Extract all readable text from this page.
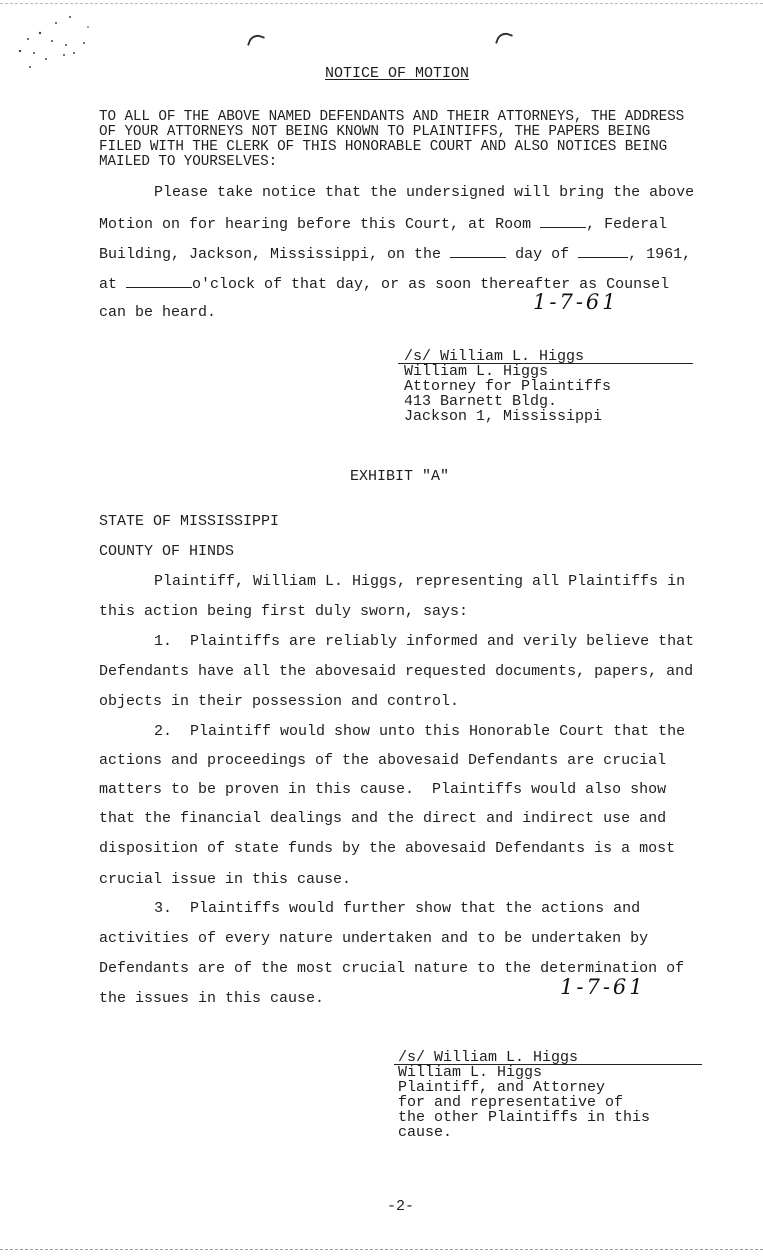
NOTICE OF MOTION
TO ALL OF THE ABOVE NAMED DEFENDANTS AND THEIR ATTORNEYS, THE ADDRESS
OF YOUR ATTORNEYS NOT BEING KNOWN TO PLAINTIFFS, THE PAPERS BEING
FILED WITH THE CLERK OF THIS HONORABLE COURT AND ALSO NOTICES BEING
MAILED TO YOURSELVES:
Please take notice that the undersigned will bring the above
Motion on for hearing before this Court, at Room	, Federal
Building, Jackson, Mississippi, on the	day of	, 1961,
at	o'clock of that day, or as soon thereafter as Counsel
can be heard.	1-7-61
/s/ William L. Higgs
William L. Higgs
Attorney for Plaintiffs
413 Barnett Bldg.
Jackson 1, Mississippi
EXHIBIT "A"
STATE OF MISSISSIPPI
COUNTY OF HINDS
Plaintiff, William L. Higgs, representing all Plaintiffs in
this action being first duly sworn, says:
1.  Plaintiffs are reliably informed and verily believe that
Defendants have all the abovesaid requested documents, papers, and
objects in their possession and control.
2.  Plaintiff would show unto this Honorable Court that the
actions and proceedings of the abovesaid Defendants are crucial
matters to be proven in this cause.  Plaintiffs would also show
that the financial dealings and the direct and indirect use and
disposition of state funds by the abovesaid Defendants is a most
crucial issue in this cause.
3.  Plaintiffs would further show that the actions and
activities of every nature undertaken and to be undertaken by
Defendants are of the most crucial nature to the determination of
the issues in this cause.	1-7-61
/s/ William L. Higgs
William L. Higgs
Plaintiff, and Attorney
for and representative of
the other Plaintiffs in this
cause.
-2-
